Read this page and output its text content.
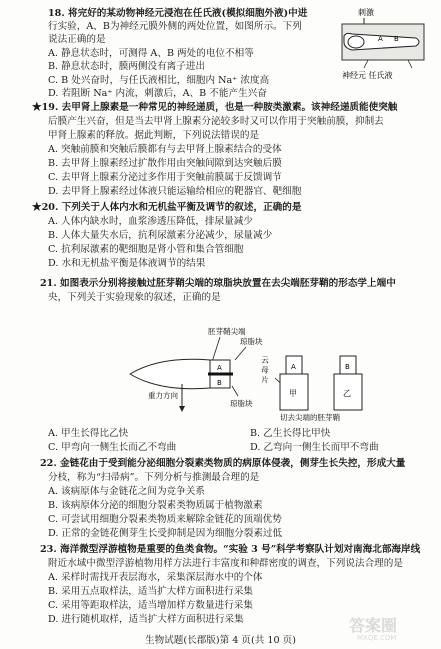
18. 将完好的某动物神经元浸泡在任氏液(模拟细胞外液)中进
行实验，A、B为神经元膜外侧的两处位置，如图所示。下列
说法正确的是
A. 静息状态时，可测得 A、B 两处的电位不相等
B. 静息状态时，膜两侧没有离子进出
C. B 处兴奋时，与任氏液相比，细胞内 Na⁺ 浓度高
D. 若阻断 Na⁺ 内流，刺激后，A、B 不能产生兴奋
刺激
A B
神经元 任氏液
★19. 去甲肾上腺素是一种常见的神经递质，也是一种胺类激素。该神经递质能使突触
后膜产生兴奋，但是当去甲肾上腺素分泌较多时又可以作用于突触前膜，抑制去
甲肾上腺素的释放。据此判断，下列说法错误的是
A. 突触前膜和突触后膜都有与去甲肾上腺素结合的受体
B. 去甲肾上腺素经过扩散作用由突触间隙到达突触后膜
C. 去甲肾上腺素分泌过多作用于突触前膜属于反馈调节
D. 去甲肾上腺素经过体液只能运输给相应的靶器官、靶细胞
★20. 下列关于人体内水和无机盐平衡及调节的叙述，正确的是
A. 人体内缺水时，血浆渗透压降低，排尿量减少
B. 人体大量失水后，抗利尿激素分泌减少，尿量减少
C. 抗利尿激素的靶细胞是肾小管和集合管细胞
D. 水和无机盐平衡是体液调节的结果
21. 如图表示分别将接触过胚芽鞘尖端的琼脂块放置在去尖端胚芽鞘的形态学上端中
央，下列关于实验现象的叙述，正确的是
胚芽鞘尖端
琼脂块
A
B
琼脂块
重力方向
云 母 片	A
甲
B
乙
切去尖端的胚芽鞘
A. 甲生长得比乙快	B. 乙生长得比甲快
C. 甲弯向一侧生长而乙不弯曲	D. 乙弯向一侧生长而甲不弯曲
22. 金链花由于受到能分泌细胞分裂素类物质的病原体侵袭，侧芽生长失控，形成大量
分枝，称为“扫帚病”。下列分析与推测最合理的是
A. 该病原体与金链花之间为竞争关系
B. 该病原体分泌的细胞分裂素类物质属于植物激素
C. 可尝试用细胞分裂素类物质来解除金链花的顶端优势
D. 正常的金链花侧芽生长受抑制是因为细胞分裂素过低
23. 海洋微型浮游植物是重要的鱼类食物。“实验 3 号”科学考察队计划对南海北部海岸线
附近水域中微型浮游植物用样方法进行丰富度和种群密度的调查，下列说法合理的是
A. 采样时需找开表层海水，采集深层海水中的个体
B. 采用五点取样法，适当扩大样方面积进行采集
C. 采用等距取样法，适当增加样方数量进行采集
D. 进行随机取样，适当扩大样方面积进行采集
生物试题(长郡版)第 4 页(共 10 页)
答案圈
MXQE.COM
